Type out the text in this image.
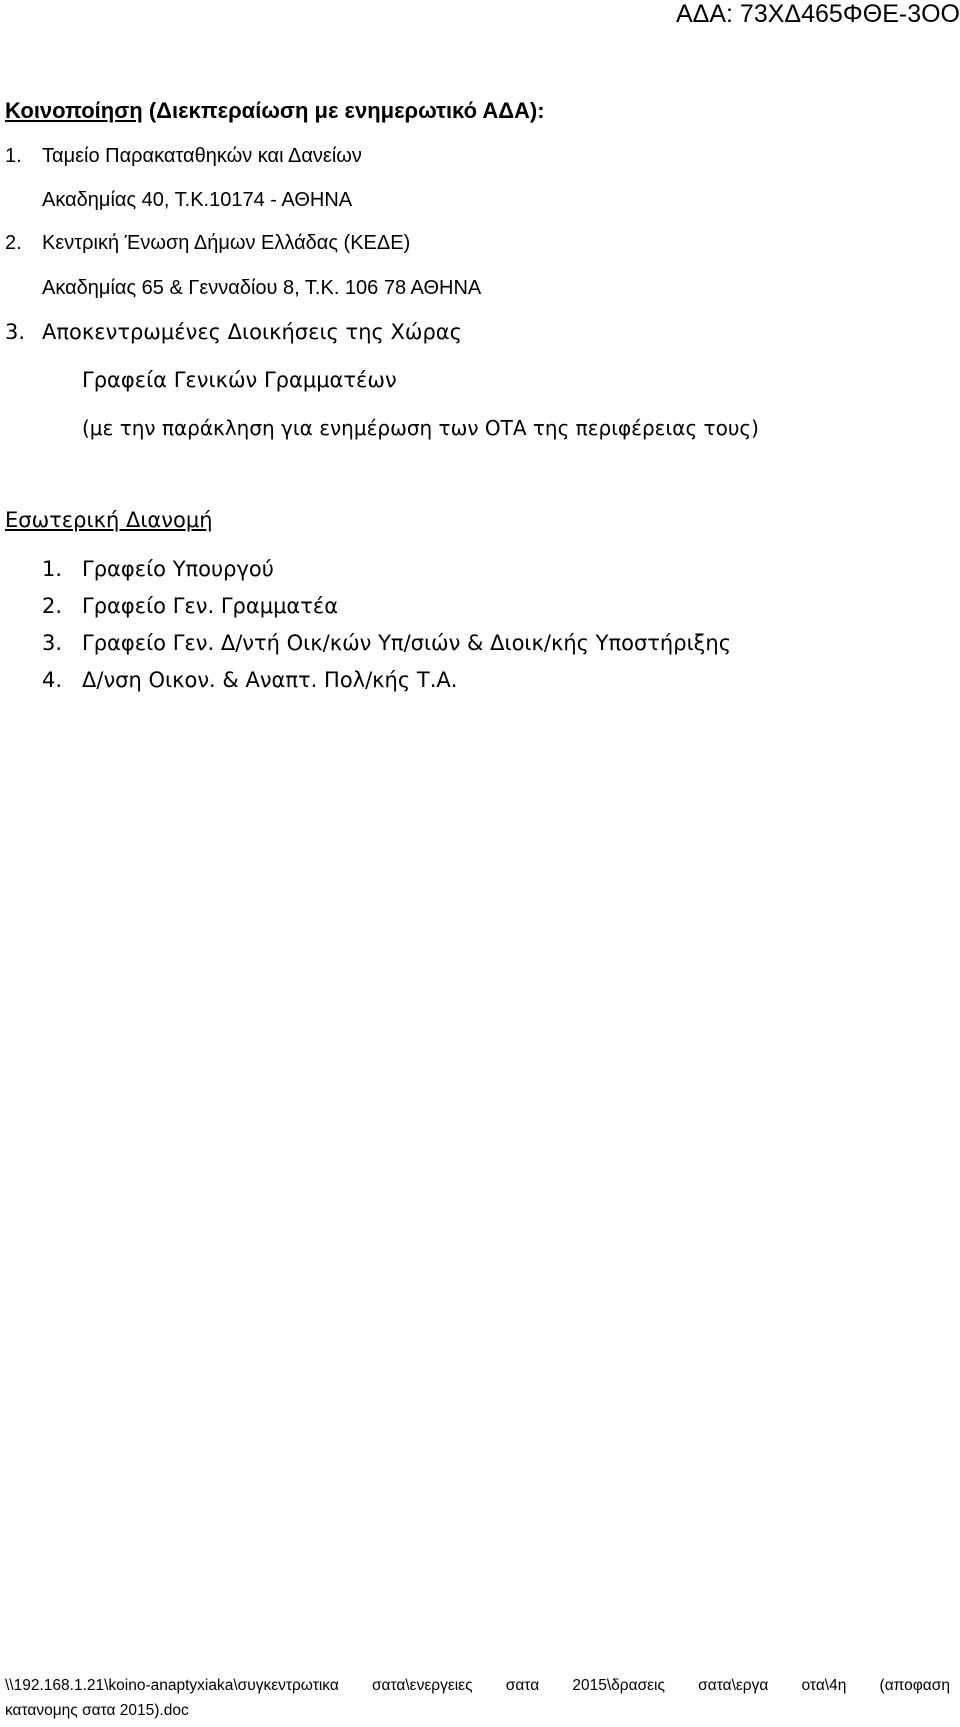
ΑΔΑ: 73ΧΔ465ΦΘΕ-3ΟΟ
Κοινοποίηση (Διεκπεραίωση με ενημερωτικό ΑΔΑ):
1. Ταμείο Παρακαταθηκών και Δανείων
Ακαδημίας 40, Τ.Κ.10174 - ΑΘΗΝΑ
2. Κεντρική Ένωση Δήμων Ελλάδας (ΚΕΔΕ)
Ακαδημίας 65 & Γενναδίου 8, Τ.Κ. 106 78 ΑΘΗΝΑ
3. Αποκεντρωμένες Διοικήσεις της Χώρας
Γραφεία Γενικών Γραμματέων
(με την παράκληση για ενημέρωση των ΟΤΑ της περιφέρειας τους)
Εσωτερική Διανομή
1. Γραφείο Υπουργού
2. Γραφείο Γεν. Γραμματέα
3. Γραφείο Γεν. Δ/ντή Οικ/κών Υπ/σιών & Διοικ/κής Υποστήριξης
4. Δ/νση Οικον. & Αναπτ. Πολ/κής Τ.Α.
\\192.168.1.21\koino-anaptyxiaka\συγκεντρωτικα σατα\ενεργειες σατα 2015\δρασεις σατα\εργα οτα\4η (αποφαση
κατανομης σατα 2015).doc
